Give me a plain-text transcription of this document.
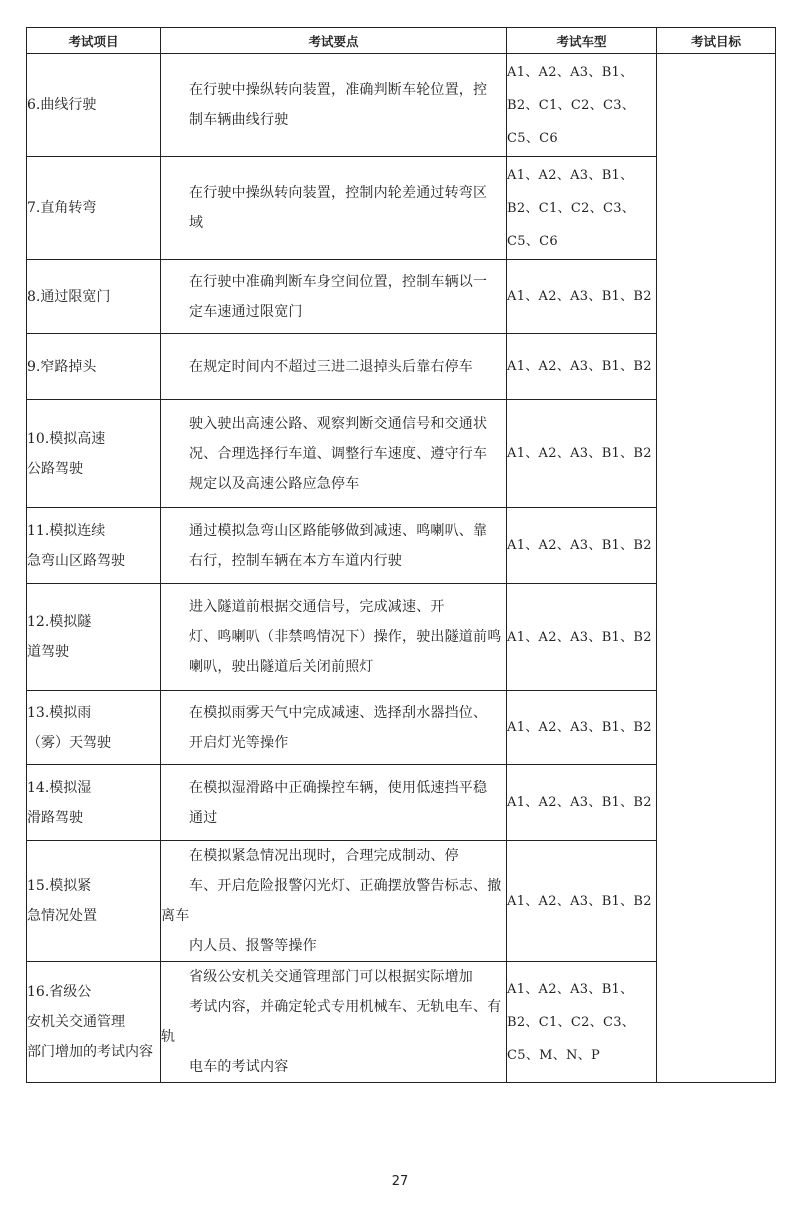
考试项目	考试要点	考试车型	考试目标

6.曲线行驶	在行驶中操纵转向装置，准确判断车轮位置，控
制车辆曲线行驶	A1、A2、A3、B1、B2、C1、C2、C3、C5、C6	

7.直角转弯	在行驶中操纵转向装置，控制内轮差通过转弯区
域	A1、A2、A3、B1、B2、C1、C2、C3、C5、C6	

8.通过限宽门	在行驶中准确判断车身空间位置，控制车辆以一
定车速通过限宽门	A1、A2、A3、B1、B2	

9.窄路掉头	在规定时间内不超过三进二退掉头后靠右停车	A1、A2、A3、B1、B2	

10.模拟高速
公路驾驶	驶入驶出高速公路、观察判断交通信号和交通状
况、合理选择行车道、调整行车速度、遵守行车
规定以及高速公路应急停车	A1、A2、A3、B1、B2	

11.模拟连续
急弯山区路驾驶	通过模拟急弯山区路能够做到减速、鸣喇叭、靠
右行，控制车辆在本方车道内行驶	A1、A2、A3、B1、B2	

12.模拟隧
道驾驶	进入隧道前根据交通信号，完成减速、开
灯、鸣喇叭（非禁鸣情况下）操作，驶出隧道前鸣
喇叭，驶出隧道后关闭前照灯	A1、A2、A3、B1、B2	

13.模拟雨
（雾）天驾驶	在模拟雨雾天气中完成减速、选择刮水器挡位、
开启灯光等操作	A1、A2、A3、B1、B2	

14.模拟湿
滑路驾驶	在模拟湿滑路中正确操控车辆，使用低速挡平稳
通过	A1、A2、A3、B1、B2	

15.模拟紧
急情况处置	在模拟紧急情况出现时，合理完成制动、停
车、开启危险报警闪光灯、正确摆放警告标志、撤离车
内人员、报警等操作	A1、A2、A3、B1、B2	

16.省级公
安机关交通管理
部门增加的考试内容	省级公安机关交通管理部门可以根据实际增加
考试内容，并确定轮式专用机械车、无轨电车、有轨
电车的考试内容	A1、A2、A3、B1、B2、C1、C2、C3、C5、M、N、P	
27
